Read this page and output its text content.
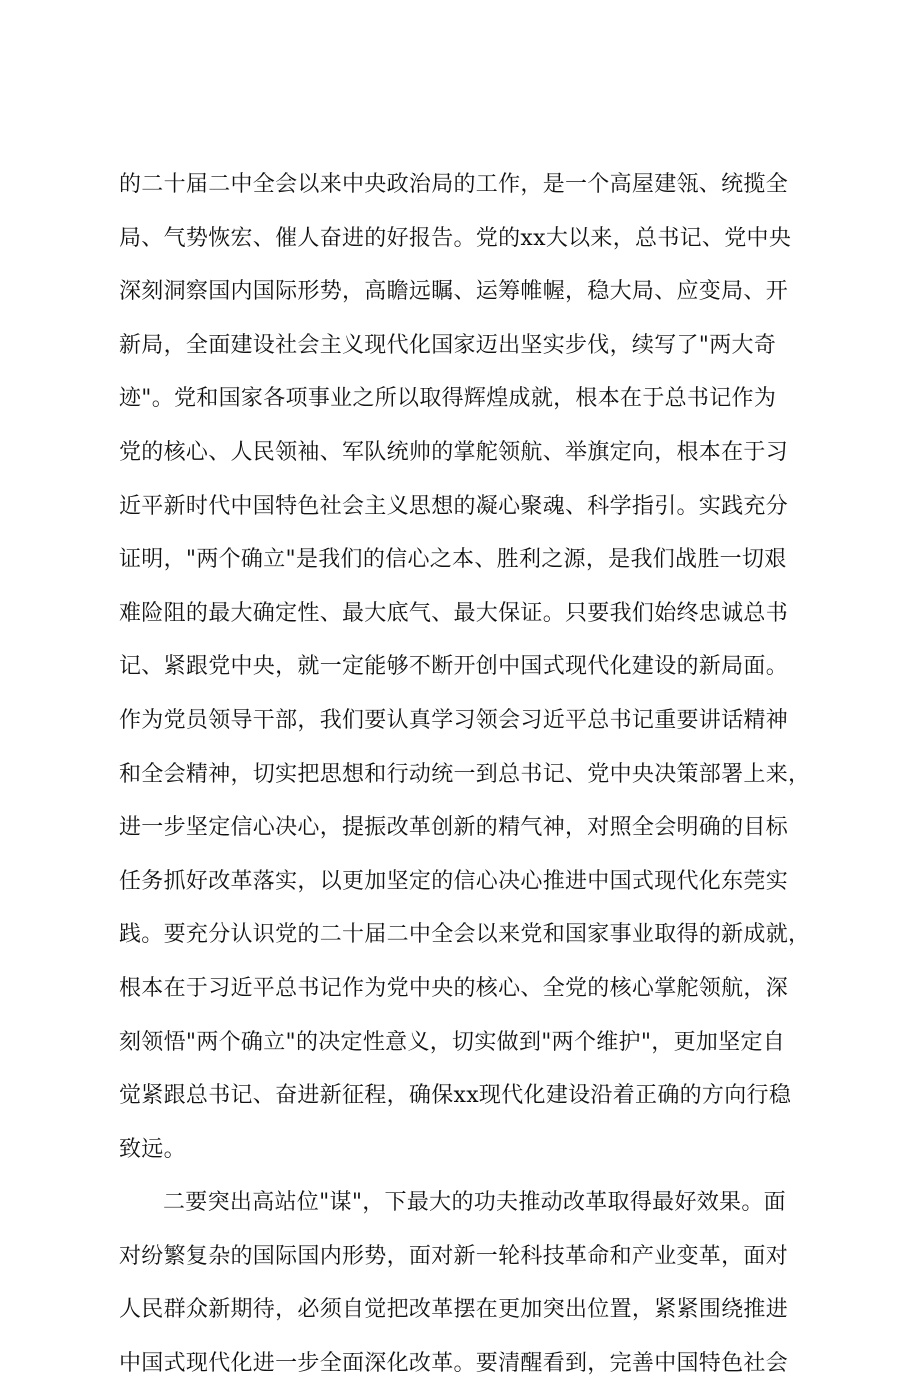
的二十届二中全会以来中央政治局的工作，是一个高屋建瓴、统揽全
局、气势恢宏、催人奋进的好报告。党的xx大以来，总书记、党中央
深刻洞察国内国际形势，高瞻远瞩、运筹帷幄，稳大局、应变局、开
新局，全面建设社会主义现代化国家迈出坚实步伐，续写了"两大奇
迹"。党和国家各项事业之所以取得辉煌成就，根本在于总书记作为
党的核心、人民领袖、军队统帅的掌舵领航、举旗定向，根本在于习
近平新时代中国特色社会主义思想的凝心聚魂、科学指引。实践充分
证明，"两个确立"是我们的信心之本、胜利之源，是我们战胜一切艰
难险阻的最大确定性、最大底气、最大保证。只要我们始终忠诚总书
记、紧跟党中央，就一定能够不断开创中国式现代化建设的新局面。
作为党员领导干部，我们要认真学习领会习近平总书记重要讲话精神
和全会精神，切实把思想和行动统一到总书记、党中央决策部署上来，
进一步坚定信心决心，提振改革创新的精气神，对照全会明确的目标
任务抓好改革落实，以更加坚定的信心决心推进中国式现代化东莞实
践。要充分认识党的二十届二中全会以来党和国家事业取得的新成就，
根本在于习近平总书记作为党中央的核心、全党的核心掌舵领航，深
刻领悟"两个确立"的决定性意义，切实做到"两个维护"，更加坚定自
觉紧跟总书记、奋进新征程，确保xx现代化建设沿着正确的方向行稳
致远。
二要突出高站位"谋"，下最大的功夫推动改革取得最好效果。面
对纷繁复杂的国际国内形势，面对新一轮科技革命和产业变革，面对
人民群众新期待，必须自觉把改革摆在更加突出位置，紧紧围绕推进
中国式现代化进一步全面深化改革。要清醒看到，完善中国特色社会
